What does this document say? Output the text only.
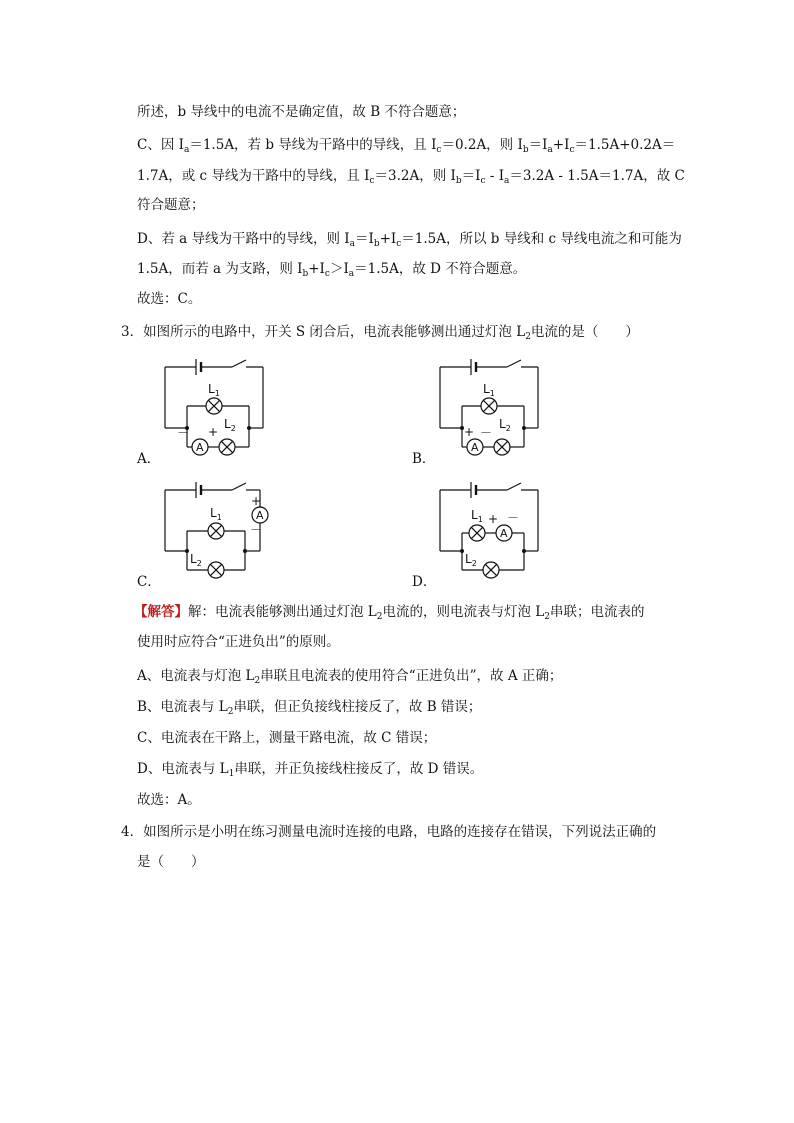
所述，b 导线中的电流不是确定值，故 B 不符合题意；
C、因 $I_a=1.5A$，若 b 导线为干路中的导线，且 $I_c=0.2A$，则 $I_b=I_a+I_c=1.5A+0.2A=$
1.7A，或 c 导线为干路中的导线，且 $I_c=3.2A$，则 $I_b=I_c - I_a=3.2A - 1.5A=1.7A$，故 C
符合题意；
D、若 a 导线为干路中的导线，则 $I_a=I_b+I_c=1.5A$，所以 b 导线和 c 导线电流之和可能为
1.5A，而若 a 为支路，则 $I_b+I_c>I_a=1.5A$，故 D 不符合题意。
故选：C。
3．如图所示的电路中，开关 S 闭合后，电流表能够测出通过灯泡 $L_2$电流的是（　　）
$L_1$
$L_2$
A
－ +
A．
$L_1$
$L_2$
A
+ －
B．
A
+
－
$L_1$
$L_2$
C．
A
$L_1$ + －
$L_2$
D．
【解答】解：电流表能够测出通过灯泡 $L_2$电流的，则电流表与灯泡 $L_2$串联；电流表的
使用时应符合“正进负出”的原则。
A、电流表与灯泡 $L_2$串联且电流表的使用符合“正进负出”，故 A 正确；
B、电流表与 $L_2$串联，但正负接线柱接反了，故 B 错误；
C、电流表在干路上，测量干路电流，故 C 错误；
D、电流表与 $L_1$串联，并正负接线柱接反了，故 D 错误。
故选：A。
4．如图所示是小明在练习测量电流时连接的电路，电路的连接存在错误，下列说法正确的
是（　　）
